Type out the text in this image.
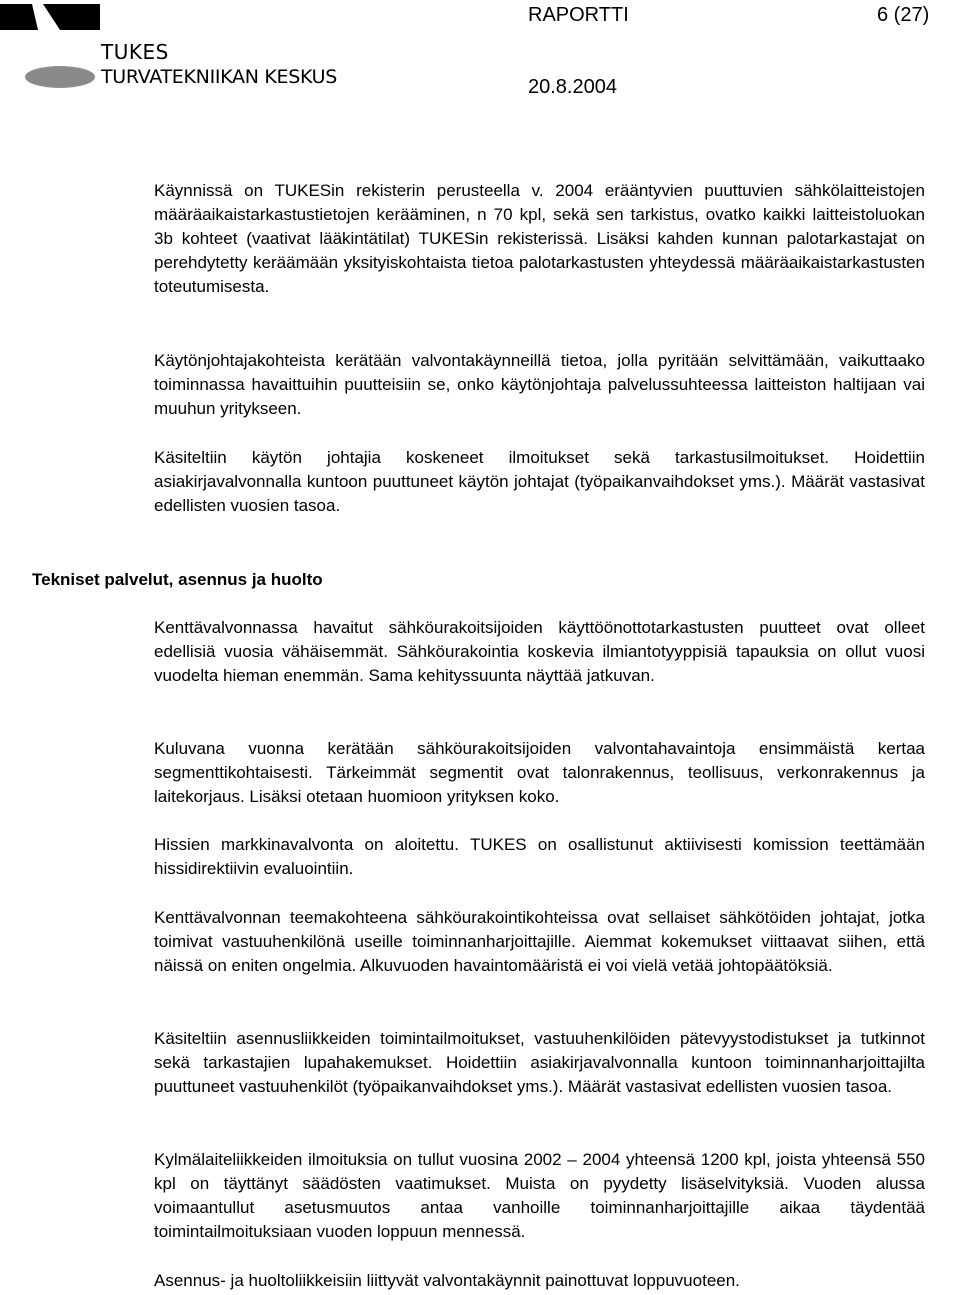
TUKES
TURVATEKNIIKAN KESKUS
RAPORTTI	6 (27)
20.8.2004

Käynnissä on TUKESin rekisterin perusteella v. 2004 erääntyvien puuttuvien sähkölaitteistojen määräaikaistarkastustietojen kerääminen, n 70 kpl, sekä sen tarkistus, ovatko kaikki laitteistoluokan 3b kohteet (vaativat lääkintätilat) TUKESin rekisterissä. Lisäksi kahden kunnan palotarkastajat on perehdytetty keräämään yksityiskohtaista tietoa palotarkastusten yhteydessä määräaikaistarkastusten toteutumisesta.

Käytönjohtajakohteista kerätään valvontakäynneillä tietoa, jolla pyritään selvittämään, vaikuttaako toiminnassa havaittuihin puutteisiin se, onko käytönjohtaja palvelussuhteessa laitteiston haltijaan vai muuhun yritykseen.

Käsiteltiin käytön johtajia koskeneet ilmoitukset sekä tarkastusilmoitukset. Hoidettiin asiakirjavalvonnalla kuntoon puuttuneet käytön johtajat (työpaikanvaihdokset yms.). Määrät vastasivat edellisten vuosien tasoa.

Tekniset palvelut, asennus ja huolto

Kenttävalvonnassa havaitut sähköurakoitsijoiden käyttöönottotarkastusten puutteet ovat olleet edellisiä vuosia vähäisemmät. Sähköurakointia koskevia ilmiantotyyppisiä tapauksia on ollut vuosi vuodelta hieman enemmän. Sama kehityssuunta näyttää jatkuvan.

Kuluvana vuonna kerätään sähköurakoitsijoiden valvontahavaintoja ensimmäistä kertaa segmenttikohtaisesti. Tärkeimmät segmentit ovat talonrakennus, teollisuus, verkonrakennus ja laitekorjaus. Lisäksi otetaan huomioon yrityksen koko.

Hissien markkinavalvonta on aloitettu. TUKES on osallistunut aktiivisesti komission teettämään hissidirektiivin evaluointiin.

Kenttävalvonnan teemakohteena sähköurakointikohteissa ovat sellaiset sähkötöiden johtajat, jotka toimivat vastuuhenkilönä useille toiminnanharjoittajille. Aiemmat kokemukset viittaavat siihen, että näissä on eniten ongelmia. Alkuvuoden havaintomääristä ei voi vielä vetää johtopäätöksiä.

Käsiteltiin asennusliikkeiden toimintailmoitukset, vastuuhenkilöiden pätevyystodistukset ja tutkinnot sekä tarkastajien lupahakemukset. Hoidettiin asiakirjavalvonnalla kuntoon toiminnanharjoittajilta puuttuneet vastuuhenkilöt (työpaikanvaihdokset yms.). Määrät vastasivat edellisten vuosien tasoa.

Kylmälaiteliikkeiden ilmoituksia on tullut vuosina 2002 – 2004 yhteensä 1200 kpl, joista yhteensä 550 kpl on täyttänyt säädösten vaatimukset. Muista on pyydetty lisäselvityksiä. Vuoden alussa voimaantullut asetusmuutos antaa vanhoille toiminnanharjoittajille aikaa täydentää toimintailmoituksiaan vuoden loppuun mennessä.

Asennus- ja huoltoliikkeisiin liittyvät valvontakäynnit painottuvat loppuvuoteen.
